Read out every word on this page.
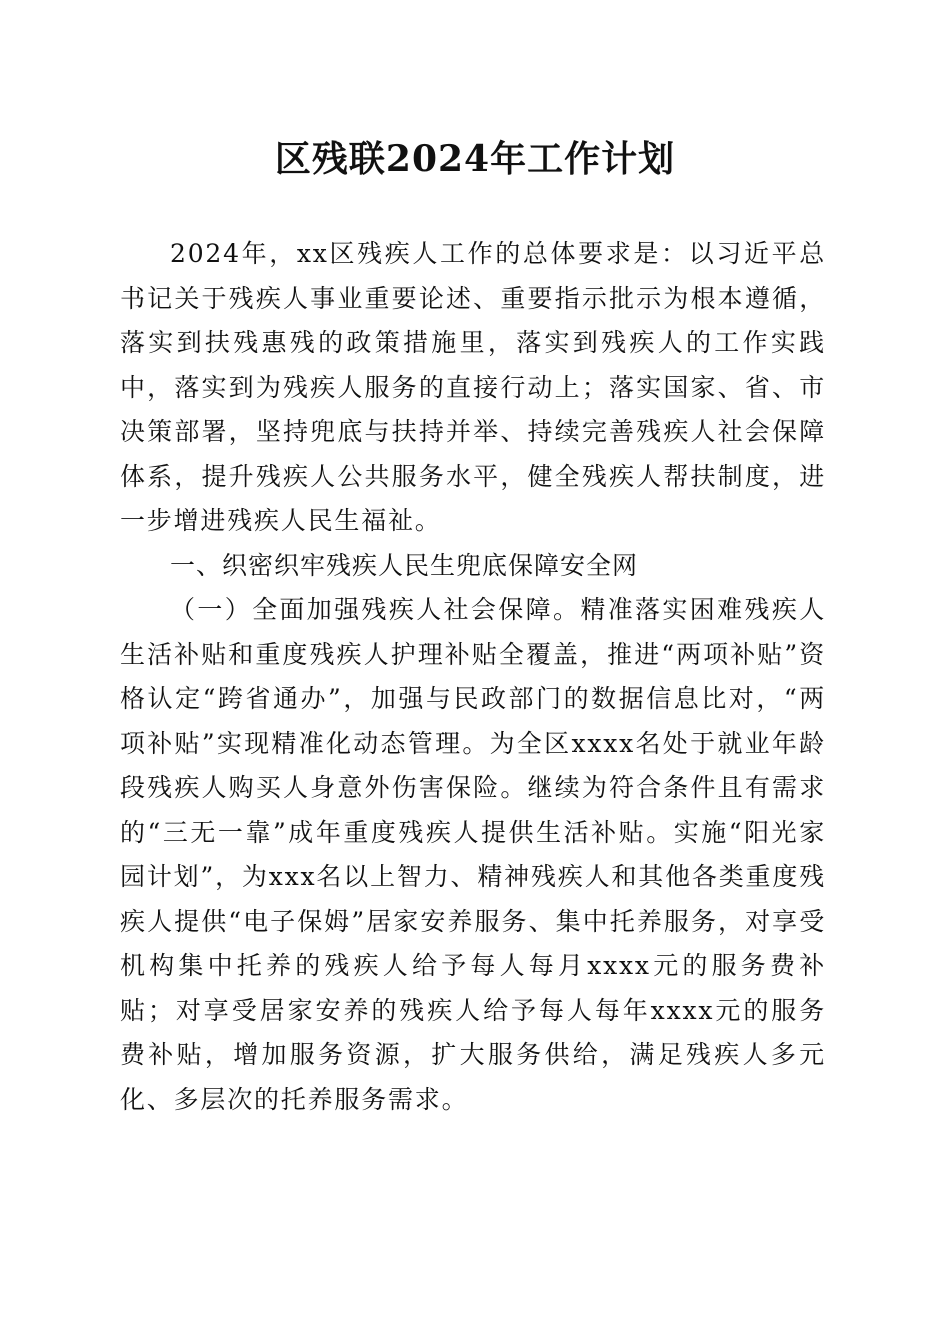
区残联2024年工作计划

2024年，xx区残疾人工作的总体要求是：以习近平总书记关于残疾人事业重要论述、重要指示批示为根本遵循，落实到扶残惠残的政策措施里，落实到残疾人的工作实践中，落实到为残疾人服务的直接行动上；落实国家、省、市决策部署，坚持兜底与扶持并举、持续完善残疾人社会保障体系，提升残疾人公共服务水平，健全残疾人帮扶制度，进一步增进残疾人民生福祉。

一、织密织牢残疾人民生兜底保障安全网

（一）全面加强残疾人社会保障。精准落实困难残疾人生活补贴和重度残疾人护理补贴全覆盖，推进“两项补贴”资格认定“跨省通办”，加强与民政部门的数据信息比对，“两项补贴”实现精准化动态管理。为全区xxxx名处于就业年龄段残疾人购买人身意外伤害保险。继续为符合条件且有需求的“三无一靠”成年重度残疾人提供生活补贴。实施“阳光家园计划”，为xxx名以上智力、精神残疾人和其他各类重度残疾人提供“电子保姆”居家安养服务、集中托养服务，对享受机构集中托养的残疾人给予每人每月xxxx元的服务费补贴；对享受居家安养的残疾人给予每人每年xxxx元的服务费补贴，增加服务资源，扩大服务供给，满足残疾人多元化、多层次的托养服务需求。
